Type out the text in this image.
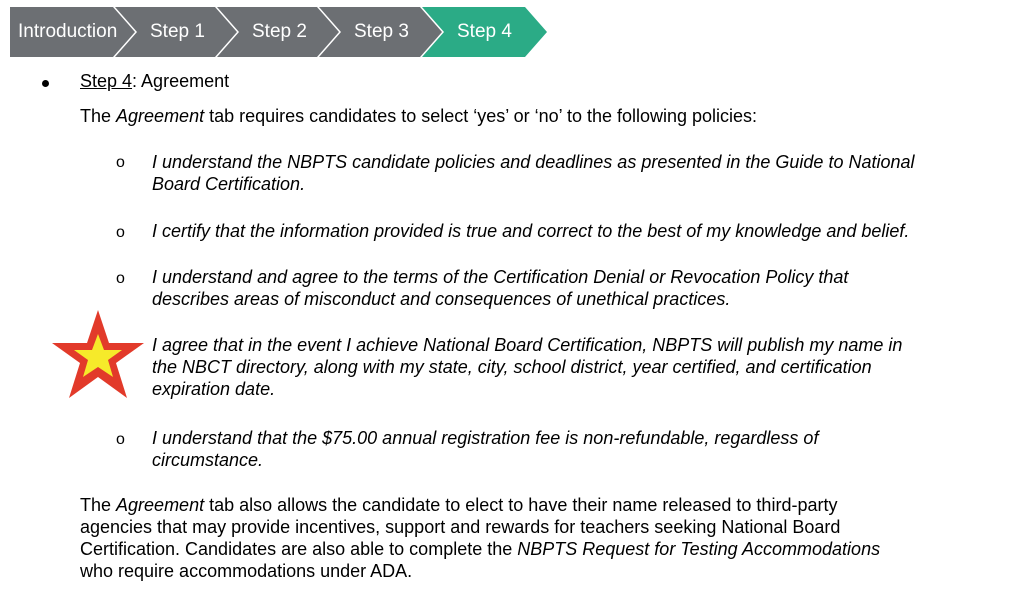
Introduction Step 1 Step 2 Step 3	Step 4
Step 4: Agreement
The Agreement tab requires candidates to select ‘yes’ or ‘no’ to the following policies:
o I understand the NBPTS candidate policies and deadlines as presented in the Guide to National
Board Certification.
o I certify that the information provided is true and correct to the best of my knowledge and belief.
o I understand and agree to the terms of the Certification Denial or Revocation Policy that
describes areas of misconduct and consequences of unethical practices.
I agree that in the event I achieve National Board Certification, NBPTS will publish my name in
the NBCT directory, along with my state, city, school district, year certified, and certification
expiration date.
o I understand that the $75.00 annual registration fee is non-refundable, regardless of
circumstance.
The Agreement tab also allows the candidate to elect to have their name released to third-party
agencies that may provide incentives, support and rewards for teachers seeking National Board
Certification. Candidates are also able to complete the NBPTS Request for Testing Accommodations
who require accommodations under ADA.
